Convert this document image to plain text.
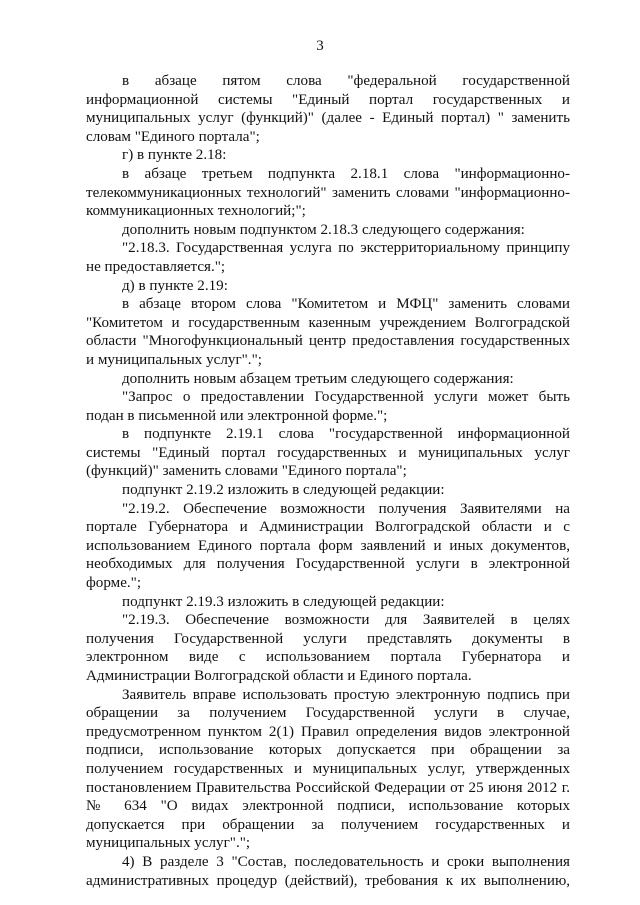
3

в абзаце пятом слова "федеральной государственной информационной системы "Единый портал государственных и муниципальных услуг (функций)" (далее - Единый портал) " заменить словам "Единого портала";

г) в пункте 2.18:

в абзаце третьем подпункта 2.18.1 слова "информационно-телекоммуникационных технологий" заменить словами "информационно-коммуникационных технологий;";

дополнить новым подпунктом 2.18.3 следующего содержания:

"2.18.3. Государственная услуга по экстерриториальному принципу не предоставляется.";

д) в пункте 2.19:

в абзаце втором слова "Комитетом и МФЦ" заменить словами "Комитетом и государственным казенным учреждением Волгоградской области "Многофункциональный центр предоставления государственных и муниципальных услуг".";

дополнить новым абзацем третьим следующего содержания:

"Запрос о предоставлении Государственной услуги может быть подан в письменной или электронной форме.";

в подпункте 2.19.1 слова "государственной информационной системы "Единый портал государственных и муниципальных услуг (функций)" заменить словами "Единого портала";

подпункт 2.19.2 изложить в следующей редакции:

"2.19.2. Обеспечение возможности получения Заявителями на портале Губернатора и Администрации Волгоградской области и с использованием Единого портала форм заявлений и иных документов, необходимых для получения Государственной услуги в электронной форме.";

подпункт 2.19.3 изложить в следующей редакции:

"2.19.3. Обеспечение возможности для Заявителей в целях получения Государственной услуги представлять документы в электронном виде с использованием портала Губернатора и Администрации Волгоградской области и Единого портала.

Заявитель вправе использовать простую электронную подпись при обращении за получением Государственной услуги в случае, предусмотренном пунктом 2(1) Правил определения видов электронной подписи, использование которых допускается при обращении за получением государственных и муниципальных услуг, утвержденных постановлением Правительства Российской Федерации от 25 июня 2012 г. № 634 "О видах электронной подписи, использование которых допускается при обращении за получением государственных и муниципальных услуг".";

4) В разделе 3 "Состав, последовательность и сроки выполнения административных процедур (действий), требования к их выполнению,
